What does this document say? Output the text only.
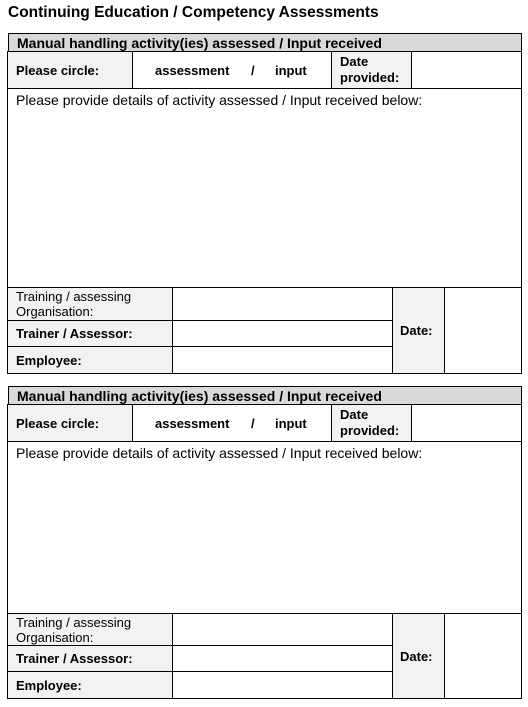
Continuing Education / Competency Assessments
Manual handling activity(ies) assessed / Input received
Please circle:	assessment / input
Date
provided:
Please provide details of activity assessed / Input received below:
Training / assessing
Organisation:
Trainer / Assessor:
Employee:
Date:
Manual handling activity(ies) assessed / Input received
Please circle:	assessment / input
Date
provided:
Please provide details of activity assessed / Input received below:
Training / assessing
Organisation:
Trainer / Assessor:
Employee:
Date:
